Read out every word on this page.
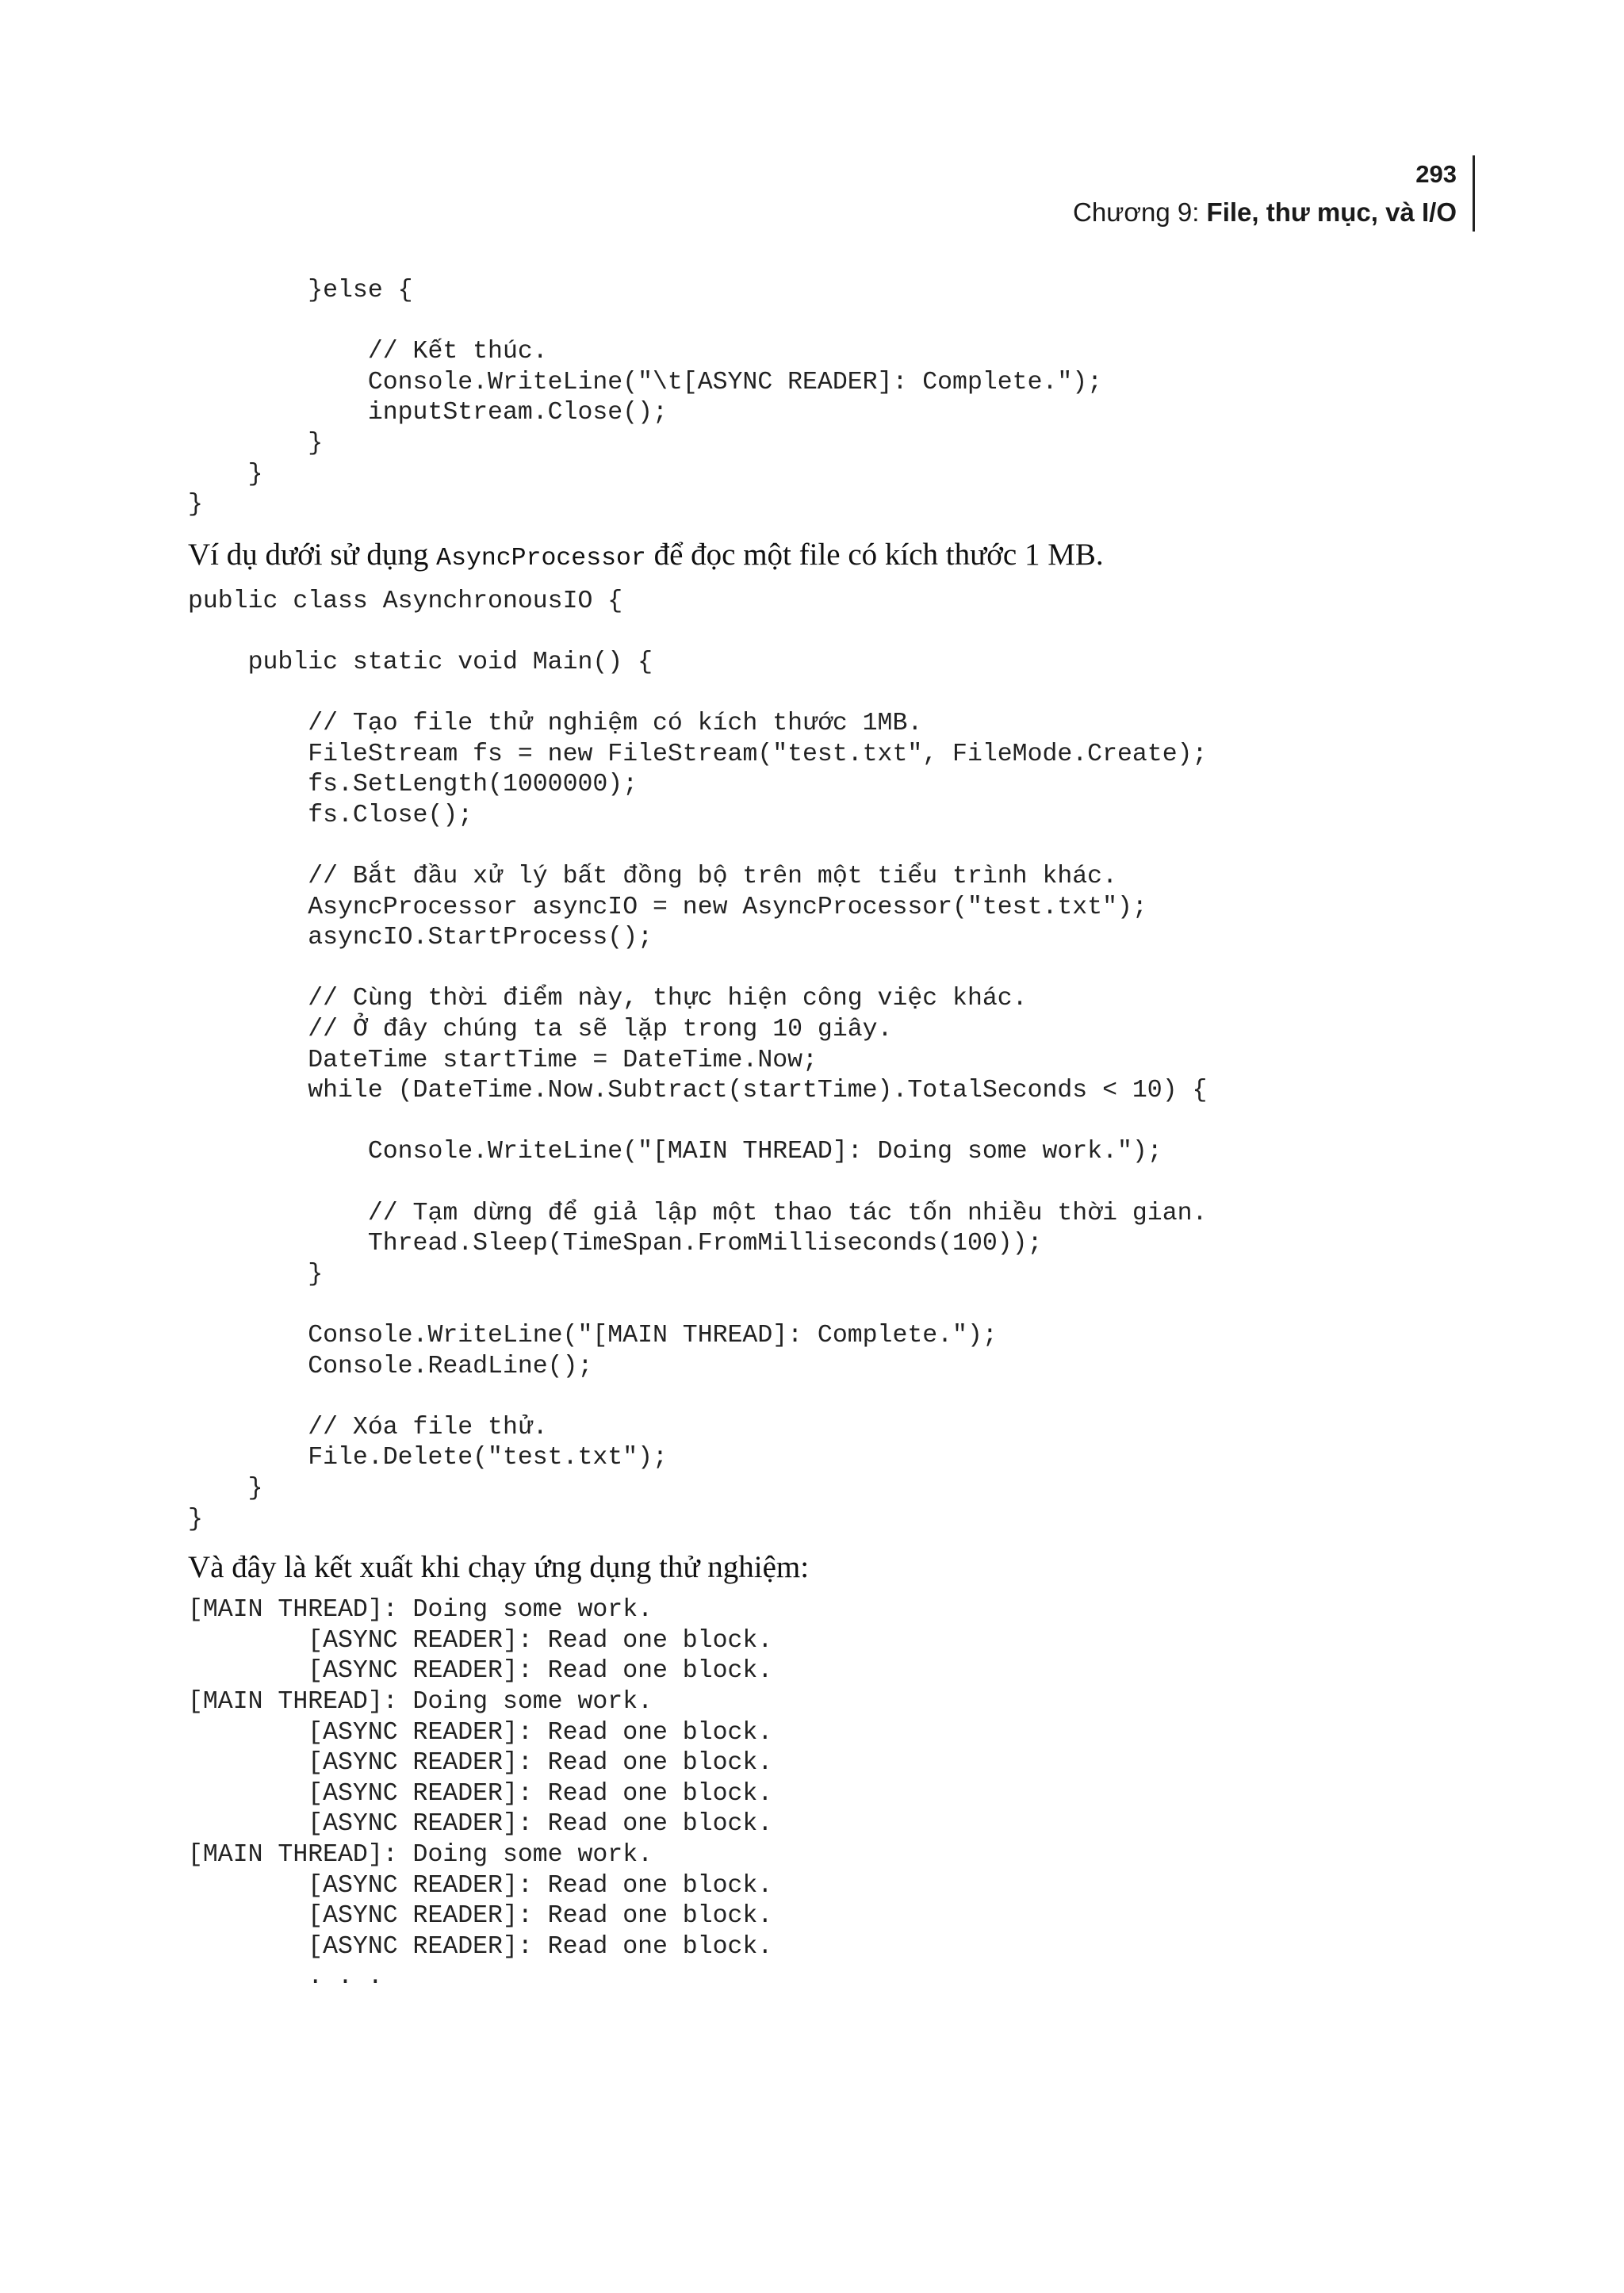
293
Chương 9: File, thư mục, và I/O
}else {

// Kết thúc.
Console.WriteLine("\t[ASYNC READER]: Complete.");
inputStream.Close();
}
}
}

Ví dụ dưới sử dụng AsyncProcessor để đọc một file có kích thước 1 MB.

public class AsynchronousIO {

public static void Main() {

// Tạo file thử nghiệm có kích thước 1MB.
FileStream fs = new FileStream("test.txt", FileMode.Create);
fs.SetLength(1000000);
fs.Close();

// Bắt đầu xử lý bất đồng bộ trên một tiểu trình khác.
AsyncProcessor asyncIO = new AsyncProcessor("test.txt");
asyncIO.StartProcess();

// Cùng thời điểm này, thực hiện công việc khác.
// Ở đây chúng ta sẽ lặp trong 10 giây.
DateTime startTime = DateTime.Now;
while (DateTime.Now.Subtract(startTime).TotalSeconds < 10) {

Console.WriteLine("[MAIN THREAD]: Doing some work.");

// Tạm dừng để giả lập một thao tác tốn nhiều thời gian.
Thread.Sleep(TimeSpan.FromMilliseconds(100));
}

Console.WriteLine("[MAIN THREAD]: Complete.");
Console.ReadLine();

// Xóa file thử.
File.Delete("test.txt");
}
}

Và đây là kết xuất khi chạy ứng dụng thử nghiệm:

[MAIN THREAD]: Doing some work.
[ASYNC READER]: Read one block.
[ASYNC READER]: Read one block.
[MAIN THREAD]: Doing some work.
[ASYNC READER]: Read one block.
[ASYNC READER]: Read one block.
[ASYNC READER]: Read one block.
[ASYNC READER]: Read one block.
[MAIN THREAD]: Doing some work.
[ASYNC READER]: Read one block.
[ASYNC READER]: Read one block.
[ASYNC READER]: Read one block.
. . .
